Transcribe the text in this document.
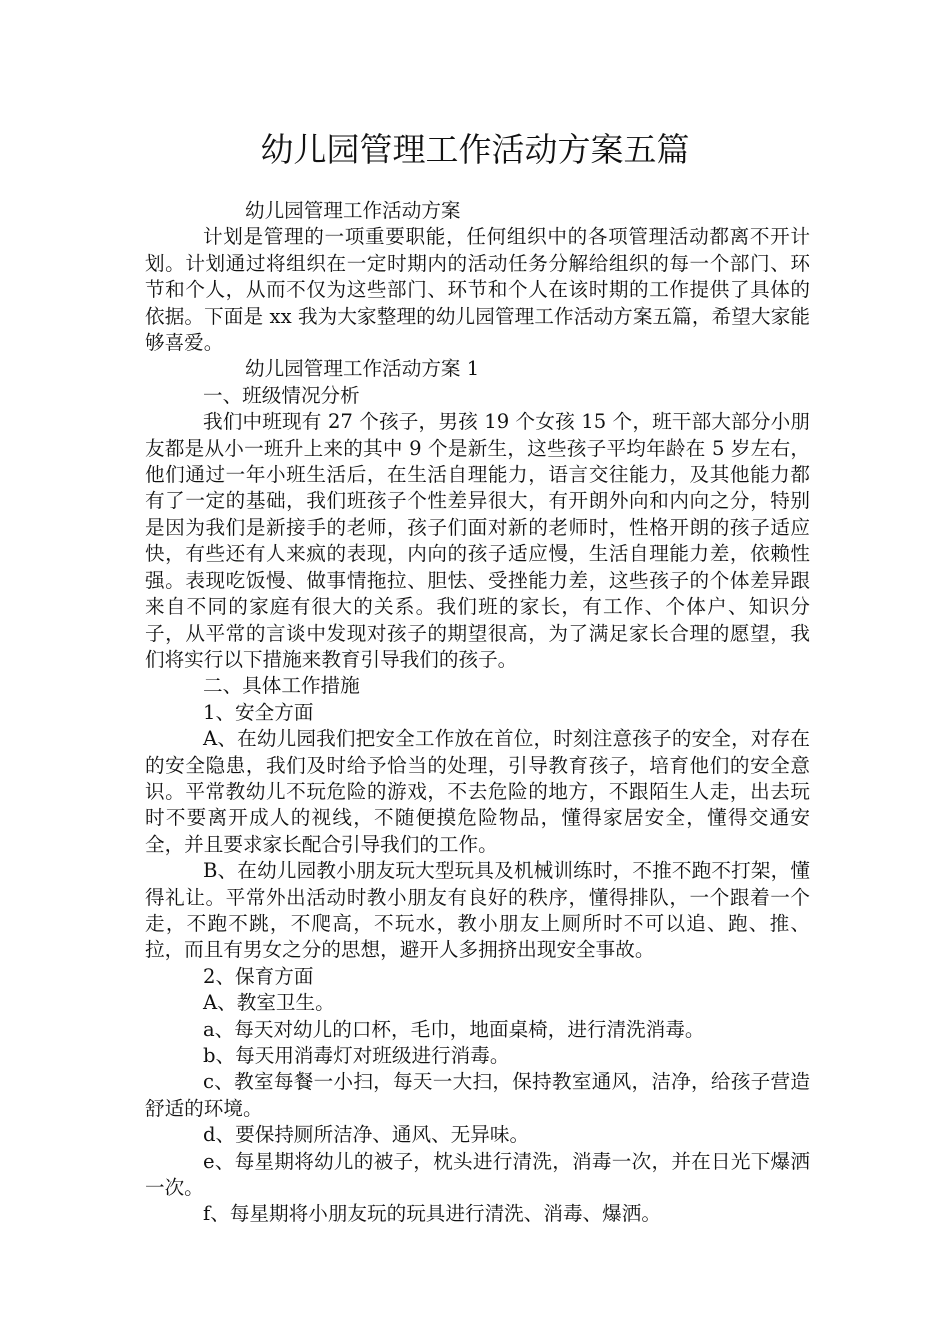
幼儿园管理工作活动方案五篇

幼儿园管理工作活动方案

计划是管理的一项重要职能，任何组织中的各项管理活动都离不开计划。计划通过将组织在一定时期内的活动任务分解给组织的每一个部门、环节和个人，从而不仅为这些部门、环节和个人在该时期的工作提供了具体的依据。下面是 xx 我为大家整理的幼儿园管理工作活动方案五篇，希望大家能够喜爱。

幼儿园管理工作活动方案 1

一、班级情况分析

我们中班现有 27 个孩子，男孩 19 个女孩 15 个，班干部大部分小朋友都是从小一班升上来的其中 9 个是新生，这些孩子平均年龄在 5 岁左右，他们通过一年小班生活后，在生活自理能力，语言交往能力，及其他能力都有了一定的基础，我们班孩子个性差异很大，有开朗外向和内向之分，特别是因为我们是新接手的老师，孩子们面对新的老师时，性格开朗的孩子适应快，有些还有人来疯的表现，内向的孩子适应慢，生活自理能力差，依赖性强。表现吃饭慢、做事情拖拉、胆怯、受挫能力差，这些孩子的个体差异跟来自不同的家庭有很大的关系。我们班的家长，有工作、个体户、知识分子，从平常的言谈中发现对孩子的期望很高，为了满足家长合理的愿望，我们将实行以下措施来教育引导我们的孩子。

二、具体工作措施

1、安全方面

A、在幼儿园我们把安全工作放在首位，时刻注意孩子的安全，对存在的安全隐患，我们及时给予恰当的处理，引导教育孩子，培育他们的安全意识。平常教幼儿不玩危险的游戏，不去危险的地方，不跟陌生人走，出去玩时不要离开成人的视线，不随便摸危险物品，懂得家居安全，懂得交通安全，并且要求家长配合引导我们的工作。

B、在幼儿园教小朋友玩大型玩具及机械训练时，不推不跑不打架，懂得礼让。平常外出活动时教小朋友有良好的秩序，懂得排队，一个跟着一个走，不跑不跳，不爬高，不玩水，教小朋友上厕所时不可以追、跑、推、拉，而且有男女之分的思想，避开人多拥挤出现安全事故。

2、保育方面

A、教室卫生。

a、每天对幼儿的口杯，毛巾，地面桌椅，进行清洗消毒。

b、每天用消毒灯对班级进行消毒。

c、教室每餐一小扫，每天一大扫，保持教室通风，洁净，给孩子营造舒适的环境。

d、要保持厕所洁净、通风、无异味。

e、每星期将幼儿的被子，枕头进行清洗，消毒一次，并在日光下爆洒一次。

f、每星期将小朋友玩的玩具进行清洗、消毒、爆洒。
